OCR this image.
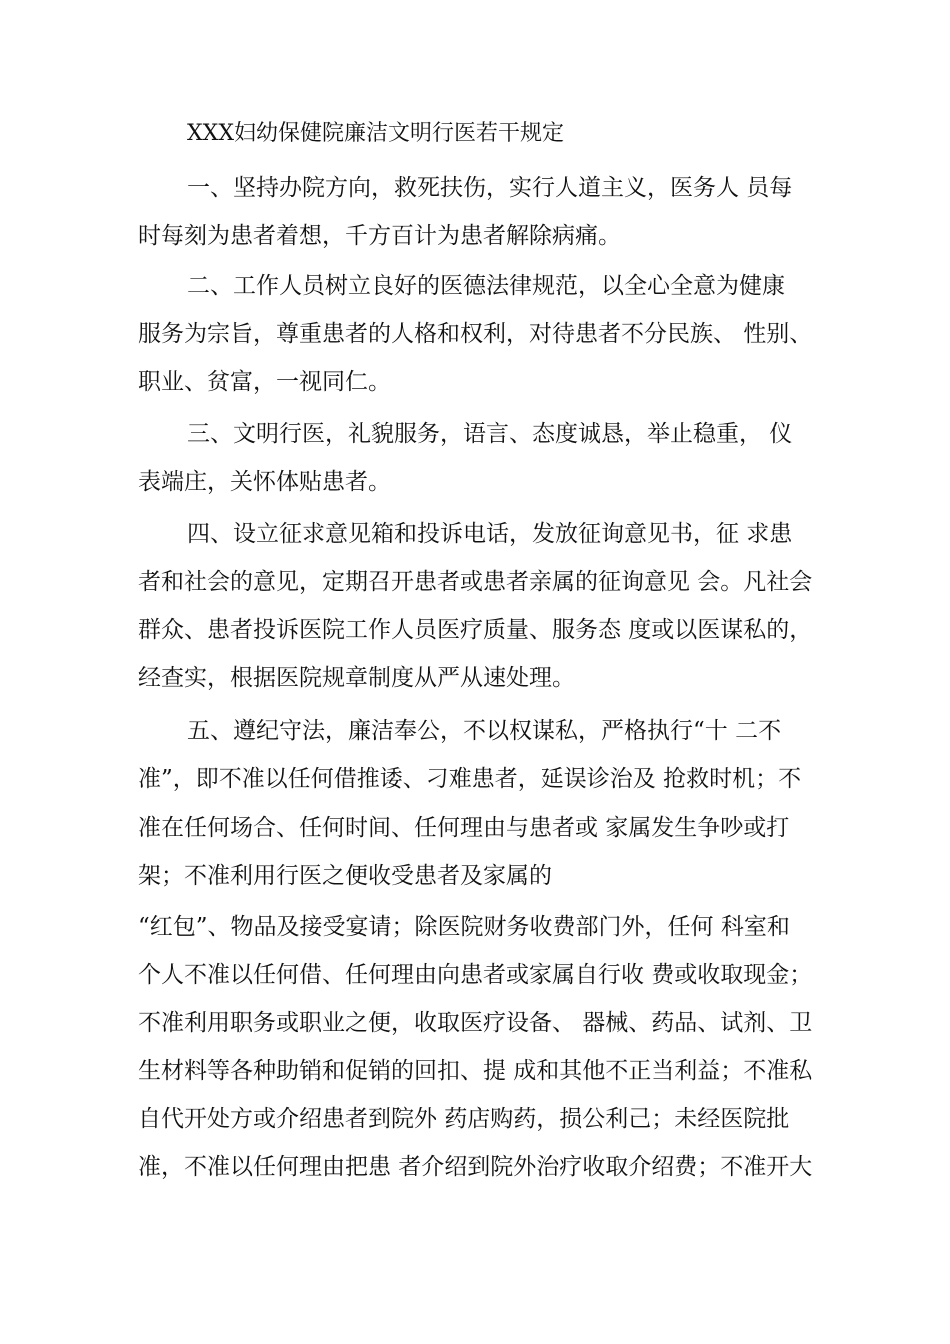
XXX妇幼保健院廉洁文明行医若干规定
一、坚持办院方向，救死扶伤，实行人道主义，医务人 员每
时每刻为患者着想，千方百计为患者解除病痛。
二、工作人员树立良好的医德法律规范，以全心全意为健康
服务为宗旨，尊重患者的人格和权利，对待患者不分民族、 性别、
职业、贫富，一视同仁。
三、文明行医，礼貌服务，语言、态度诚恳，举止稳重， 仪
表端庄，关怀体贴患者。
四、设立征求意见箱和投诉电话，发放征询意见书，征 求患
者和社会的意见，定期召开患者或患者亲属的征询意见 会。凡社会
群众、患者投诉医院工作人员医疗质量、服务态 度或以医谋私的，
经查实，根据医院规章制度从严从速处理。
五、遵纪守法，廉洁奉公，不以权谋私，严格执行“十 二不
准”，即不准以任何借推诿、刁难患者，延误诊治及 抢救时机；不
准在任何场合、任何时间、任何理由与患者或 家属发生争吵或打
架；不准利用行医之便收受患者及家属的
“红包”、物品及接受宴请；除医院财务收费部门外，任何 科室和
个人不准以任何借、任何理由向患者或家属自行收 费或收取现金；
不准利用职务或职业之便，收取医疗设备、 器械、药品、试剂、卫
生材料等各种助销和促销的回扣、提 成和其他不正当利益；不准私
自代开处方或介绍患者到院外 药店购药，损公利己；未经医院批
准，不准以任何理由把患 者介绍到院外治疗收取介绍费；不准开大
